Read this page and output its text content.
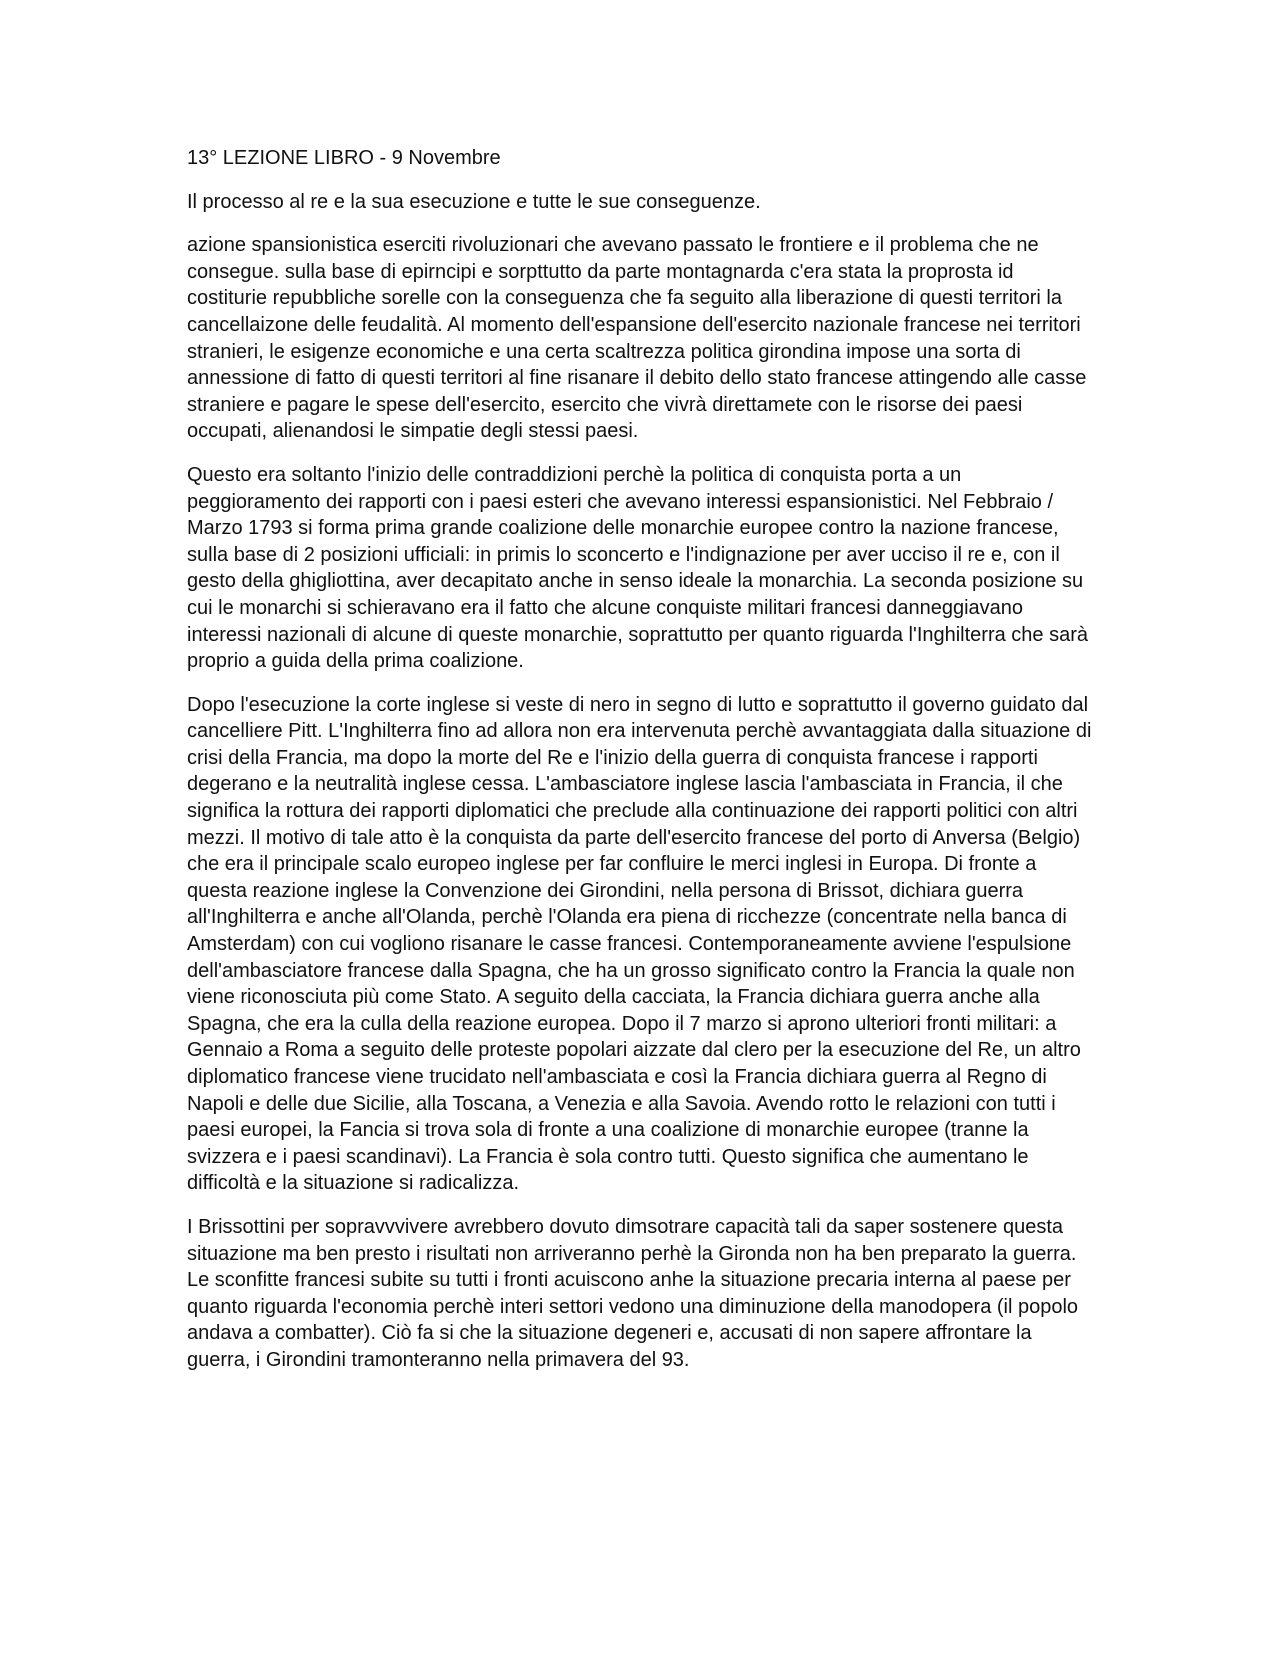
13° LEZIONE LIBRO - 9 Novembre

Il processo al re e la sua esecuzione e tutte le sue conseguenze.

azione spansionistica eserciti rivoluzionari che avevano passato le frontiere e il problema che ne consegue. sulla base di epirncipi e sorpttutto da parte montagnarda c'era stata la proprosta id costiturie repubbliche sorelle con la conseguenza che fa seguito alla liberazione di questi territori la cancellaizone delle feudalità. Al momento dell'espansione dell'esercito nazionale francese nei territori stranieri, le esigenze economiche e una certa scaltrezza politica girondina impose una sorta di annessione di fatto di questi territori al fine risanare il debito dello stato francese attingendo alle casse straniere e pagare le spese dell'esercito, esercito che vivrà direttamete con le risorse dei paesi occupati, alienandosi le simpatie degli stessi paesi.

Questo era soltanto l'inizio delle contraddizioni perchè la politica di conquista porta a un peggioramento dei rapporti con i paesi esteri che avevano interessi espansionistici. Nel Febbraio / Marzo 1793 si forma prima grande coalizione delle monarchie europee contro la nazione francese, sulla base di 2 posizioni ufficiali: in primis lo sconcerto e l'indignazione per aver ucciso il re e, con il gesto della ghigliottina, aver decapitato anche in senso ideale la monarchia. La seconda posizione su cui le monarchi si schieravano era il fatto che alcune conquiste militari francesi danneggiavano interessi nazionali di alcune di queste monarchie, soprattutto per quanto riguarda l'Inghilterra che sarà proprio a guida della prima coalizione.

Dopo l'esecuzione la corte inglese si veste di nero in segno di lutto e soprattutto il governo guidato dal cancelliere Pitt. L'Inghilterra fino ad allora non era intervenuta perchè avvantaggiata dalla situazione di crisi della Francia, ma dopo la morte del Re e l'inizio della guerra di conquista francese i rapporti degerano e la neutralità inglese cessa. L'ambasciatore inglese lascia l'ambasciata in Francia, il che significa la rottura dei rapporti diplomatici che preclude alla continuazione dei rapporti politici con altri mezzi. Il motivo di tale atto è la conquista da parte dell'esercito francese del porto di Anversa (Belgio) che era il principale scalo europeo inglese per far confluire le merci inglesi in Europa. Di fronte a questa reazione inglese la Convenzione dei Girondini, nella persona di Brissot, dichiara guerra all'Inghilterra e anche all'Olanda, perchè l'Olanda era piena di ricchezze (concentrate nella banca di Amsterdam) con cui vogliono risanare le casse francesi. Contemporaneamente avviene l'espulsione dell'ambasciatore francese dalla Spagna, che ha un grosso significato contro la Francia la quale non viene riconosciuta più come Stato. A seguito della cacciata, la Francia dichiara guerra anche alla Spagna, che era la culla della reazione europea. Dopo il 7 marzo si aprono ulteriori fronti militari: a Gennaio a Roma a seguito delle proteste popolari aizzate dal clero per la esecuzione del Re, un altro diplomatico francese viene trucidato nell'ambasciata e così la Francia dichiara guerra al Regno di Napoli e delle due Sicilie, alla Toscana, a Venezia e alla Savoia. Avendo rotto le relazioni con tutti i paesi europei, la Fancia si trova sola di fronte a una coalizione di monarchie europee (tranne la svizzera e i paesi scandinavi). La Francia è sola contro tutti. Questo significa che aumentano le difficoltà e la situazione si radicalizza.

I Brissottini per sopravvvivere avrebbero dovuto dimsotrare capacità tali da saper sostenere questa situazione ma ben presto i risultati non arriveranno perhè la Gironda non ha ben preparato la guerra. Le sconfitte francesi subite su tutti i fronti acuiscono anhe la situazione precaria interna al paese per quanto riguarda l'economia perchè interi settori vedono una diminuzione della manodopera (il popolo andava a combatter). Ciò fa si che la situazione degeneri e, accusati di non sapere affrontare la guerra, i Girondini tramonteranno nella primavera del 93.
